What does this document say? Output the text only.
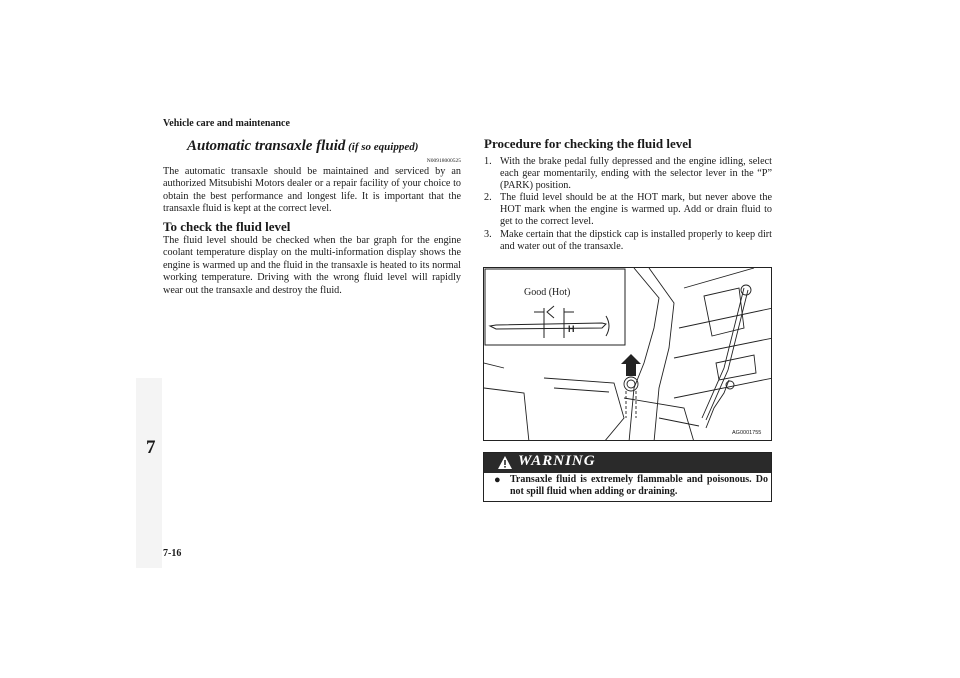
Vehicle care and maintenance
7
7-16
Automatic transaxle fluid (if so equipped)
N00918000525
The automatic transaxle should be maintained and serviced by an authorized Mitsubishi Motors dealer or a repair facility of your choice to obtain the best performance and longest life. It is important that the transaxle fluid is kept at the correct level.
To check the fluid level
The fluid level should be checked when the bar graph for the engine coolant temperature display on the multi-information display shows the engine is warmed up and the fluid in the transaxle is heated to its normal working temperature. Driving with the wrong fluid level will rapidly wear out the transaxle and destroy the fluid.
Procedure for checking the fluid level
1. With the brake pedal fully depressed and the engine idling, select each gear momentarily, ending with the selector lever in the “P” (PARK) position.
2. The fluid level should be at the HOT mark, but never above the HOT mark when the engine is warmed up. Add or drain fluid to get to the correct level.
3. Make certain that the dipstick cap is installed properly to keep dirt and water out of the transaxle.
Good (Hot)
H
AG0001755
WARNING
● Transaxle fluid is extremely flammable and poisonous. Do not spill fluid when adding or draining.
